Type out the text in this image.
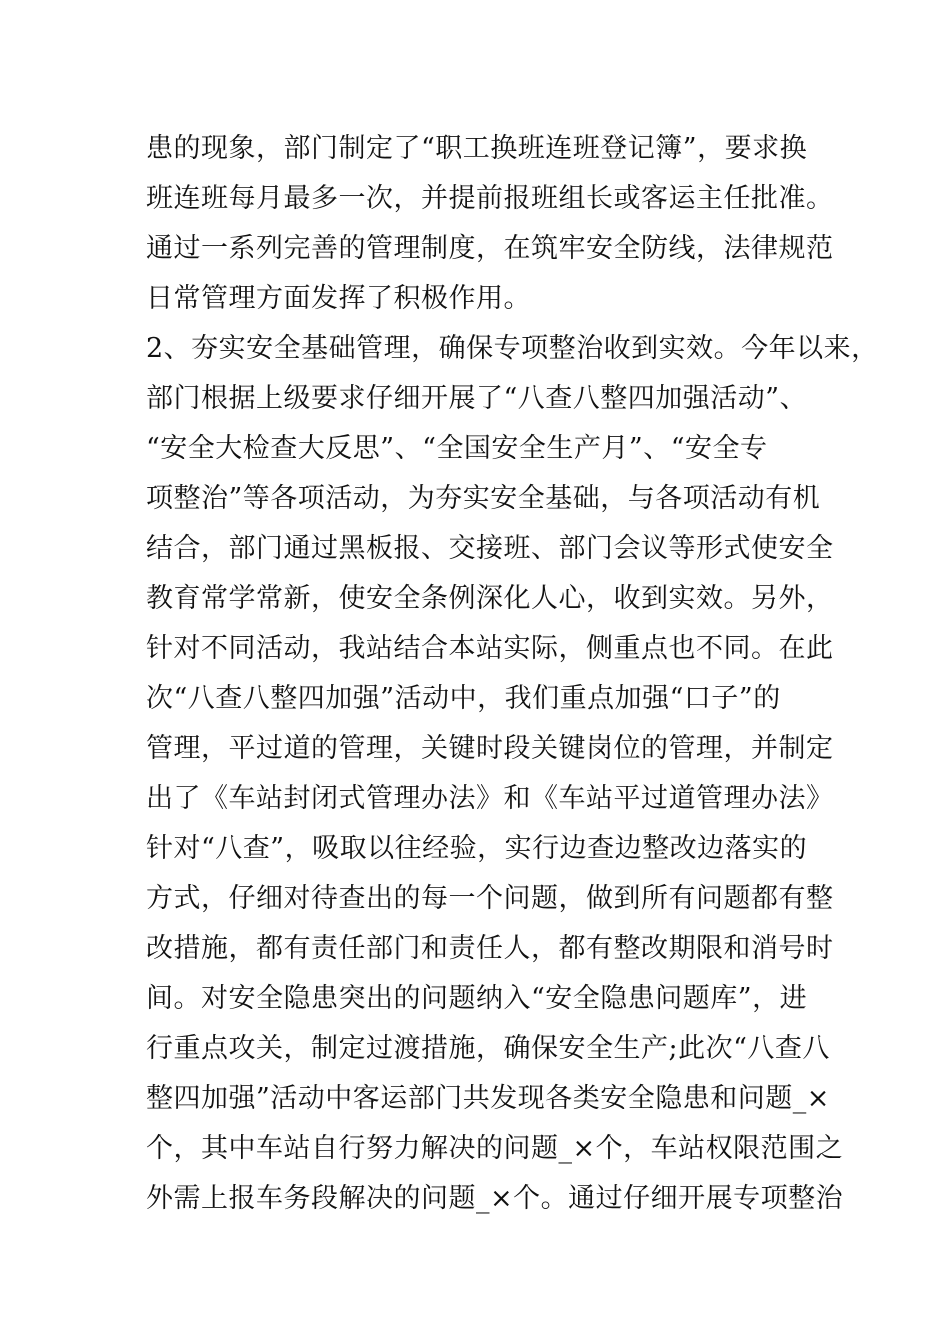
患的现象，部门制定了“职工换班连班登记簿”，要求换
班连班每月最多一次，并提前报班组长或客运主任批准。
通过一系列完善的管理制度，在筑牢安全防线，法律规范
日常管理方面发挥了积极作用。
2、夯实安全基础管理，确保专项整治收到实效。今年以来，
部门根据上级要求仔细开展了“八查八整四加强活动”、
“安全大检查大反思”、“全国安全生产月”、“安全专
项整治”等各项活动，为夯实安全基础，与各项活动有机
结合，部门通过黑板报、交接班、部门会议等形式使安全
教育常学常新，使安全条例深化人心，收到实效。另外，
针对不同活动，我站结合本站实际，侧重点也不同。在此
次“八查八整四加强”活动中，我们重点加强“口子”的
管理，平过道的管理，关键时段关键岗位的管理，并制定
出了《车站封闭式管理办法》和《车站平过道管理办法》
针对“八查”，吸取以往经验，实行边查边整改边落实的
方式，仔细对待查出的每一个问题，做到所有问题都有整
改措施，都有责任部门和责任人，都有整改期限和消号时
间。对安全隐患突出的问题纳入“安全隐患问题库”，进
行重点攻关，制定过渡措施，确保安全生产;此次“八查八
整四加强”活动中客运部门共发现各类安全隐患和问题_×
个，其中车站自行努力解决的问题_×个，车站权限范围之
外需上报车务段解决的问题_×个。通过仔细开展专项整治
